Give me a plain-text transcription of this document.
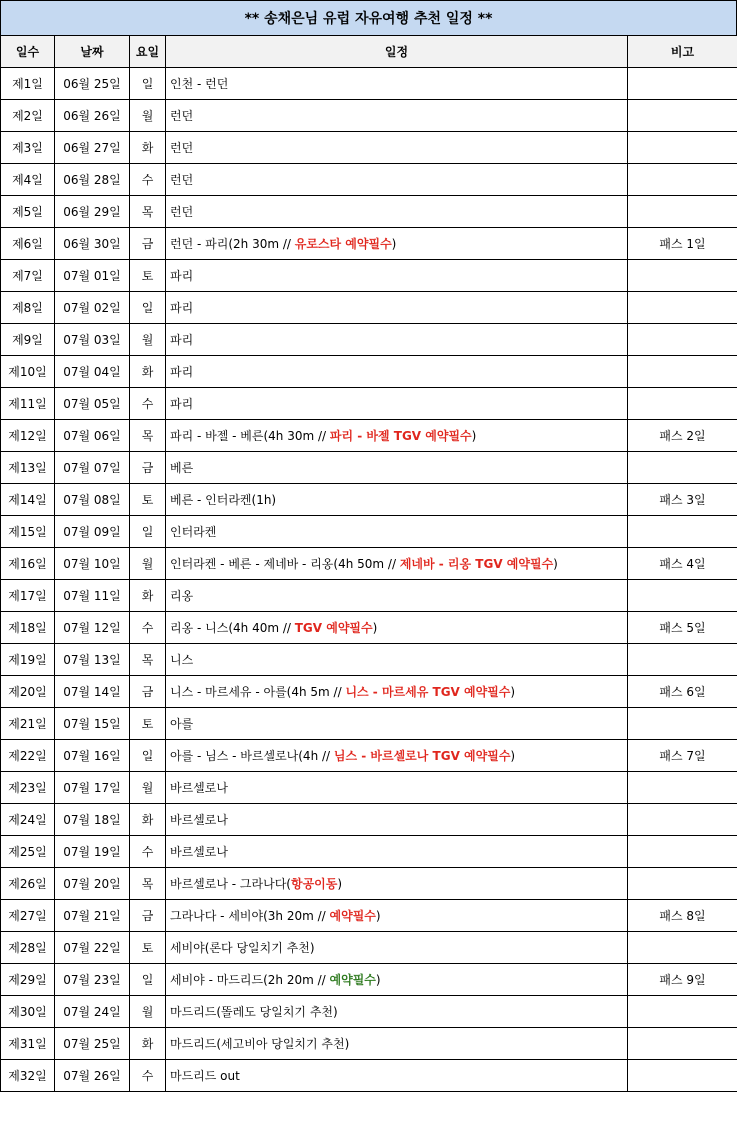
** 송채은님 유럽 자유여행 추천 일정 **
일수	날짜	요일	일정	비고
제1일	06월 25일	일	인천 - 런던	
제2일	06월 26일	월	런던	
제3일	06월 27일	화	런던	
제4일	06월 28일	수	런던	
제5일	06월 29일	목	런던	
제6일	06월 30일	금	런던 - 파리(2h 30m // 유로스타 예약필수)	패스 1일
제7일	07월 01일	토	파리	
제8일	07월 02일	일	파리	
제9일	07월 03일	월	파리	
제10일	07월 04일	화	파리	
제11일	07월 05일	수	파리	
제12일	07월 06일	목	파리 - 바젤 - 베른(4h 30m // 파리 - 바젤 TGV 예약필수)	패스 2일
제13일	07월 07일	금	베른	
제14일	07월 08일	토	베른 - 인터라켄(1h)	패스 3일
제15일	07월 09일	일	인터라켄	
제16일	07월 10일	월	인터라켄 - 베른 - 제네바 - 리옹(4h 50m // 제네바 - 리옹 TGV 예약필수)	패스 4일
제17일	07월 11일	화	리옹	
제18일	07월 12일	수	리옹 - 니스(4h 40m // TGV 예약필수)	패스 5일
제19일	07월 13일	목	니스	
제20일	07월 14일	금	니스 - 마르세유 - 아를(4h 5m // 니스 - 마르세유 TGV 예약필수)	패스 6일
제21일	07월 15일	토	아를	
제22일	07월 16일	일	아를 - 님스 - 바르셀로나(4h // 님스 - 바르셀로나 TGV 예약필수)	패스 7일
제23일	07월 17일	월	바르셀로나	
제24일	07월 18일	화	바르셀로나	
제25일	07월 19일	수	바르셀로나	
제26일	07월 20일	목	바르셀로나 - 그라나다(항공이동)	
제27일	07월 21일	금	그라나다 - 세비야(3h 20m // 예약필수)	패스 8일
제28일	07월 22일	토	세비야(론다 당일치기 추천)	
제29일	07월 23일	일	세비야 - 마드리드(2h 20m // 예약필수)	패스 9일
제30일	07월 24일	월	마드리드(똘레도 당일치기 추천)	
제31일	07월 25일	화	마드리드(세고비아 당일치기 추천)	
제32일	07월 26일	수	마드리드 out	
